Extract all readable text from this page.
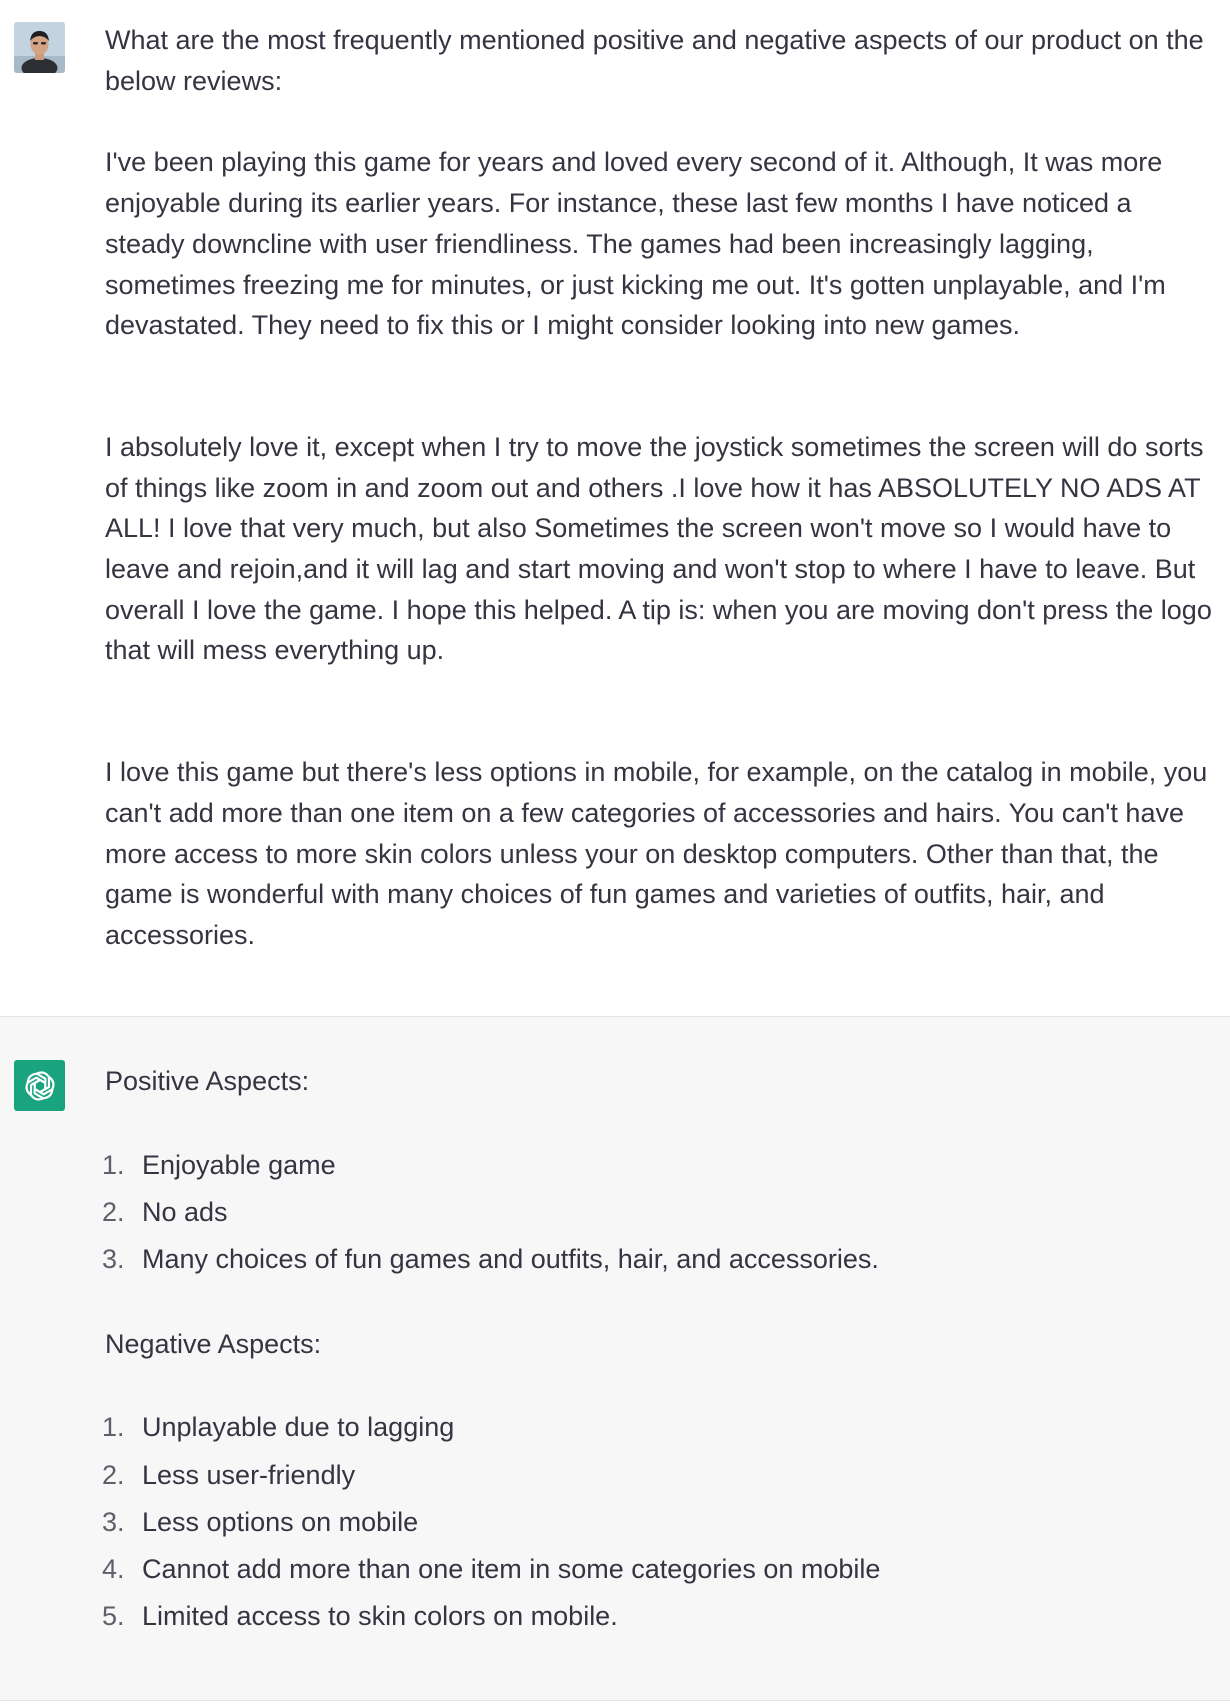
What are the most frequently mentioned positive and negative aspects of our product on the below reviews:

I've been playing this game for years and loved every second of it. Although, It was more enjoyable during its earlier years. For instance, these last few months I have noticed a steady downcline with user friendliness. The games had been increasingly lagging, sometimes freezing me for minutes, or just kicking me out. It's gotten unplayable, and I'm devastated. They need to fix this or I might consider looking into new games.

I absolutely love it, except when I try to move the joystick sometimes the screen will do sorts of things like zoom in and zoom out and others .I love how it has ABSOLUTELY NO ADS AT ALL! I love that very much, but also Sometimes the screen won't move so I would have to leave and rejoin,and it will lag and start moving and won't stop to where I have to leave. But overall I love the game. I hope this helped. A tip is: when you are moving don't press the logo that will mess everything up.

I love this game but there's less options in mobile, for example, on the catalog in mobile, you can't add more than one item on a few categories of accessories and hairs. You can't have more access to more skin colors unless your on desktop computers. Other than that, the game is wonderful with many choices of fun games and varieties of outfits, hair, and accessories.

Positive Aspects:

1. Enjoyable game
2. No ads
3. Many choices of fun games and outfits, hair, and accessories.

Negative Aspects:

1. Unplayable due to lagging
2. Less user-friendly
3. Less options on mobile
4. Cannot add more than one item in some categories on mobile
5. Limited access to skin colors on mobile.
